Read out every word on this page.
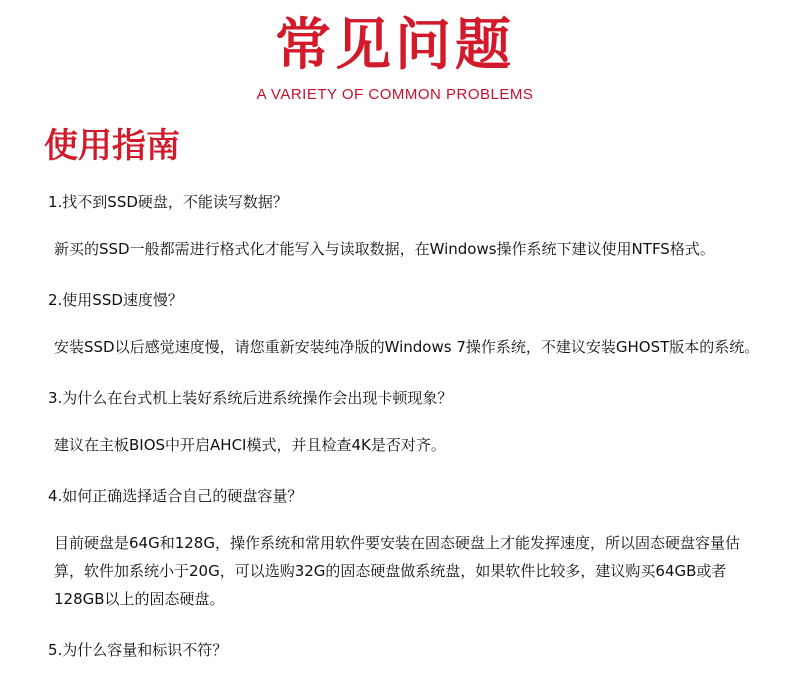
常见问题
A VARIETY OF COMMON PROBLEMS
使用指南
1.找不到SSD硬盘，不能读写数据？
新买的SSD一般都需进行格式化才能写入与读取数据，在Windows操作系统下建议使用NTFS格式。
2.使用SSD速度慢？
安装SSD以后感觉速度慢，请您重新安装纯净版的Windows 7操作系统，不建议安装GHOST版本的系统。
3.为什么在台式机上装好系统后进系统操作会出现卡顿现象？
建议在主板BIOS中开启AHCI模式，并且检查4K是否对齐。
4.如何正确选择适合自己的硬盘容量？
目前硬盘是64G和128G，操作系统和常用软件要安装在固态硬盘上才能发挥速度，所以固态硬盘容量估算，软件加系统小于20G，可以选购32G的固态硬盘做系统盘，如果软件比较多，建议购买64GB或者128GB以上的固态硬盘。
5.为什么容量和标识不符？
